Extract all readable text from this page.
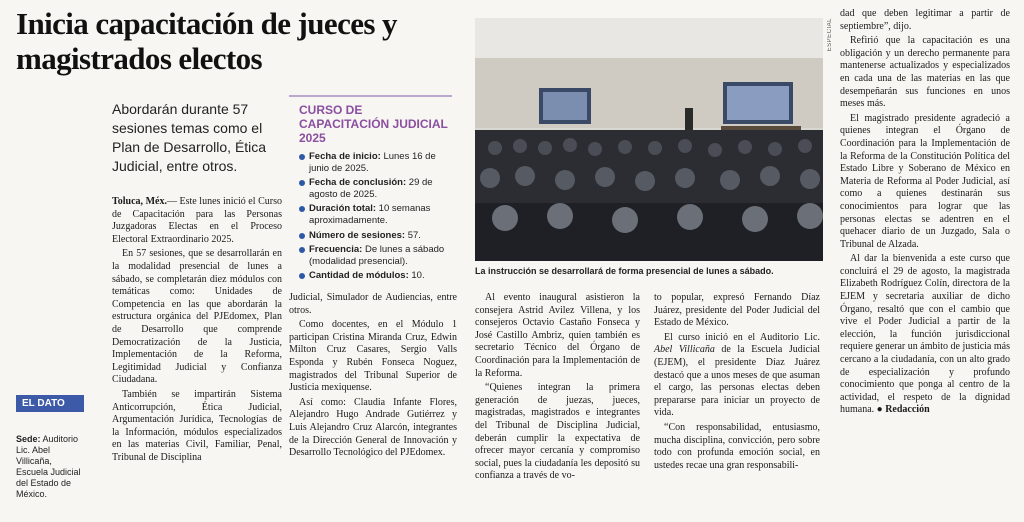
Inicia capacitación de jueces y magistrados electos

Abordarán durante 57 sesiones temas como el Plan de Desarrollo, Ética Judicial, entre otros.

CURSO DE CAPACITACIÓN JUDICIAL 2025
Fecha de inicio: Lunes 16 de junio de 2025.
Fecha de conclusión: 29 de agosto de 2025.
Duración total: 10 semanas aproximadamente.
Número de sesiones: 57.
Frecuencia: De lunes a sábado (modalidad presencial).
Cantidad de módulos: 10.
EL DATO
Sede: Auditorio Lic. Abel Villicaña, Escuela Judicial del Estado de México.

Toluca, Méx.— Este lunes inició el Curso de Capacitación para las Personas Juzgadoras Electas en el Proceso Electoral Extraordinario 2025.

En 57 sesiones, que se desarrollarán en la modalidad presencial de lunes a sábado, se completarán diez módulos con temáticas como: Unidades de Competencia en las que abordarán la estructura orgánica del PJEdomex, Plan de Desarrollo que comprende Democratización de la Justicia, Implementación de la Reforma, Legitimidad Judicial y Confianza Ciudadana.

También se impartirán Sistema Anticorrupción, Ética Judicial, Argumentación Jurídica, Tecnologías de la Información, módulos especializados en las materias Civil, Familiar, Penal, Tribunal de Disciplina

Judicial, Simulador de Audiencias, entre otros.

Como docentes, en el Módulo 1 participan Cristina Miranda Cruz, Edwin Milton Cruz Casares, Sergio Valls Esponda y Rubén Fonseca Noguez, magistrados del Tribunal Superior de Justicia mexiquense.

Así como: Claudia Infante Flores, Alejandro Hugo Andrade Gutiérrez y Luis Alejandro Cruz Alarcón, integrantes de la Dirección General de Innovación y Desarrollo Tecnológico del PJEdomex.

ESPECIAL
La instrucción se desarrollará de forma presencial de lunes a sábado.

Al evento inaugural asistieron la consejera Astrid Avilez Villena, y los consejeros Octavio Castaño Fonseca y José Castillo Ambriz, quien también es secretario Técnico del Órgano de Coordinación para la Implementación de la Reforma.

“Quienes integran la primera generación de juezas, jueces, magistradas, magistrados e integrantes del Tribunal de Disciplina Judicial, deberán cumplir la expectativa de ofrecer mayor cercanía y compromiso social, pues la ciudadanía les depositó su confianza a través de vo-

to popular, expresó Fernando Díaz Juárez, presidente del Poder Judicial del Estado de México.

El curso inició en el Auditorio Lic. Abel Villicaña de la Escuela Judicial (EJEM), el presidente Díaz Juárez destacó que a unos meses de que asuman el cargo, las personas electas deben prepararse para iniciar un proyecto de vida.

“Con responsabilidad, entusiasmo, mucha disciplina, convicción, pero sobre todo con profunda emoción social, en ustedes recae una gran responsabili-

dad que deben legitimar a partir de septiembre”, dijo.

Refirió que la capacitación es una obligación y un derecho permanente para mantenerse actualizados y especializados en cada una de las materias en las que desempeñarán sus funciones en unos meses más.

El magistrado presidente agradeció a quienes integran el Órgano de Coordinación para la Implementación de la Reforma de la Constitución Política del Estado Libre y Soberano de México en Materia de Reforma al Poder Judicial, así como a quienes destinarán sus conocimientos para lograr que las personas electas se adentren en el quehacer diario de un Juzgado, Sala o Tribunal de Alzada.

Al dar la bienvenida a este curso que concluirá el 29 de agosto, la magistrada Elizabeth Rodríguez Colín, directora de la EJEM y secretaria auxiliar de dicho Órgano, resaltó que con el cambio que vive el Poder Judicial a partir de la elección, la función jurisdiccional requiere generar un ámbito de justicia más cercano a la ciudadanía, con un alto grado de especialización y profundo conocimiento que ponga al centro de la actividad, el respeto de la dignidad humana. ● Redacción
